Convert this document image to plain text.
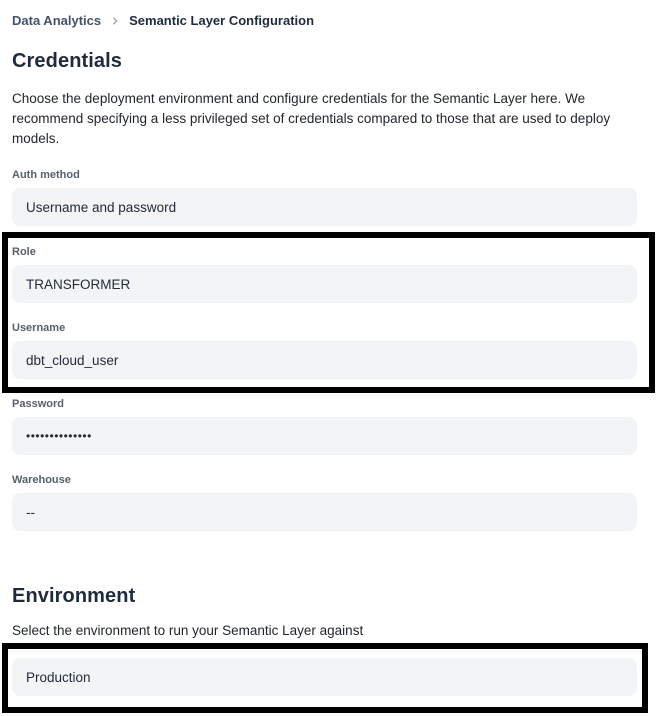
Data Analytics Semantic Layer Configuration
Credentials

Choose the deployment environment and configure credentials for the Semantic Layer here. We recommend specifying a less privileged set of credentials compared to those that are used to deploy models.

Auth method
Username and password
Role
TRANSFORMER
Username
dbt_cloud_user
Password
••••••••••••••
Warehouse
--
Environment

Select the environment to run your Semantic Layer against

Production
